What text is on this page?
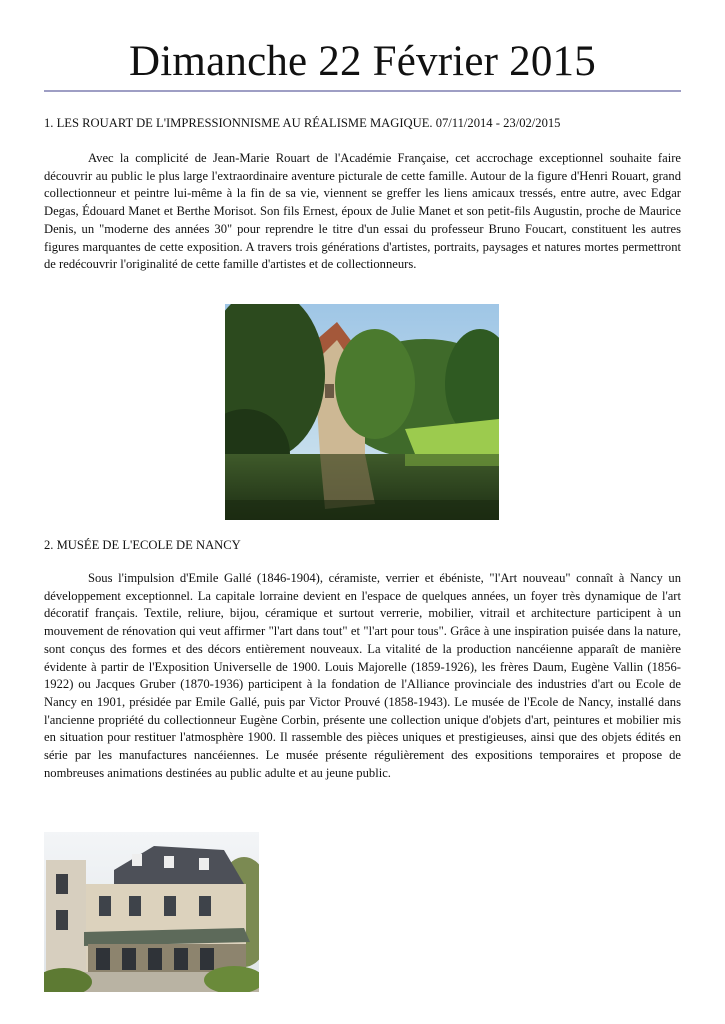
Dimanche 22 Février 2015
1. LES ROUART DE L'IMPRESSIONNISME AU RÉALISME MAGIQUE. 07/11/2014 - 23/02/2015

Avec la complicité de Jean-Marie Rouart de l'Académie Française, cet accrochage exceptionnel souhaite faire découvrir au public le plus large l'extraordinaire aventure picturale de cette famille. Autour de la figure d'Henri Rouart, grand collectionneur et peintre lui-même à la fin de sa vie, viennent se greffer les liens amicaux tressés, entre autre, avec Edgar Degas, Édouard Manet et Berthe Morisot. Son fils Ernest, époux de Julie Manet et son petit-fils Augustin, proche de Maurice Denis, un "moderne des années 30" pour reprendre le titre d'un essai du professeur Bruno Foucart, constituent les autres figures marquantes de cette exposition. A travers trois générations d'artistes, portraits, paysages et natures mortes permettront de redécouvrir l'originalité de cette famille d'artistes et de collectionneurs.

2. MUSÉE DE L'ECOLE DE NANCY

Sous l'impulsion d'Emile Gallé (1846-1904), céramiste, verrier et ébéniste, "l'Art nouveau" connaît à Nancy un développement exceptionnel. La capitale lorraine devient en l'espace de quelques années, un foyer très dynamique de l'art décoratif français. Textile, reliure, bijou, céramique et surtout verrerie, mobilier, vitrail et architecture participent à un mouvement de rénovation qui veut affirmer "l'art dans tout" et "l'art pour tous". Grâce à une inspiration puisée dans la nature, sont conçus des formes et des décors entièrement nouveaux. La vitalité de la production nancéienne apparaît de manière évidente à partir de l'Exposition Universelle de 1900. Louis Majorelle (1859-1926), les frères Daum, Eugène Vallin (1856-1922) ou Jacques Gruber (1870-1936) participent à la fondation de l'Alliance provinciale des industries d'art ou Ecole de Nancy en 1901, présidée par Emile Gallé, puis par Victor Prouvé (1858-1943). Le musée de l'Ecole de Nancy, installé dans l'ancienne propriété du collectionneur Eugène Corbin, présente une collection unique d'objets d'art, peintures et mobilier mis en situation pour restituer l'atmosphère 1900. Il rassemble des pièces uniques et prestigieuses, ainsi que des objets édités en série par les manufactures nancéiennes. Le musée présente régulièrement des expositions temporaires et propose de nombreuses animations destinées au public adulte et au jeune public.
